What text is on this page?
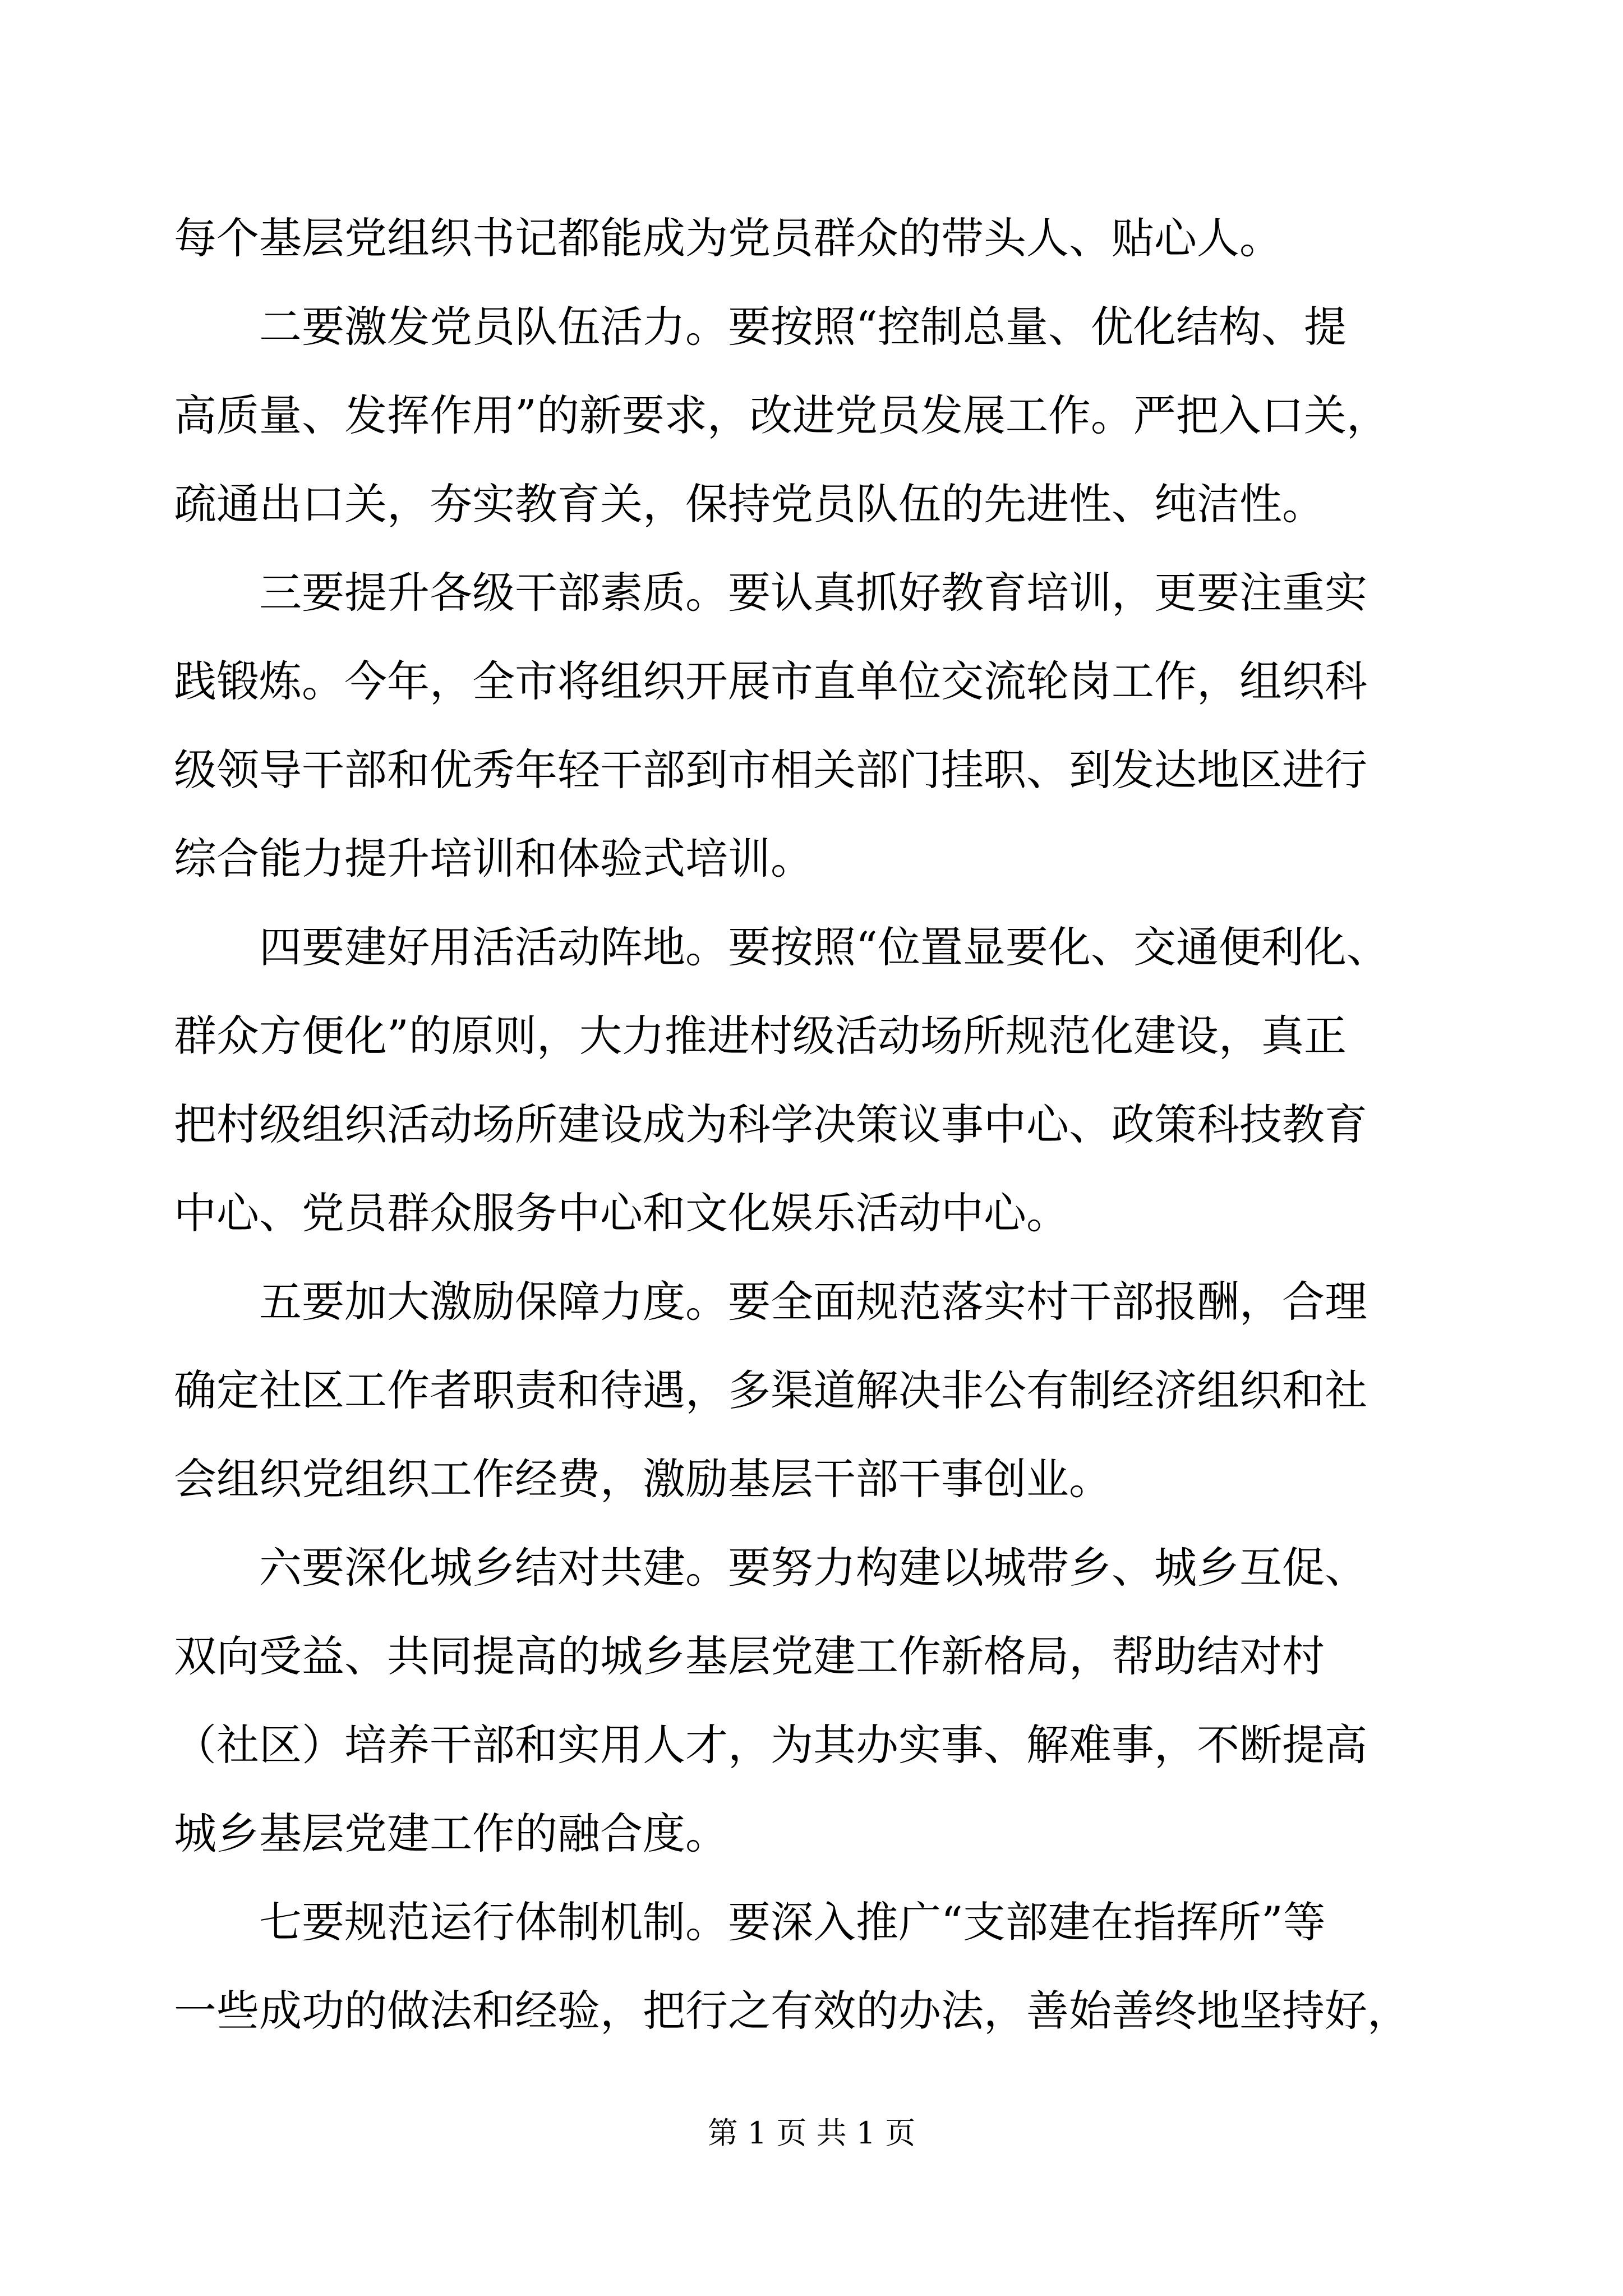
每个基层党组织书记都能成为党员群众的带头人、贴心人。
二要激发党员队伍活力。要按照“控制总量、优化结构、提
高质量、发挥作用”的新要求，改进党员发展工作。严把入口关，
疏通出口关，夯实教育关，保持党员队伍的先进性、纯洁性。
三要提升各级干部素质。要认真抓好教育培训，更要注重实
践锻炼。今年，全市将组织开展市直单位交流轮岗工作，组织科
级领导干部和优秀年轻干部到市相关部门挂职、到发达地区进行
综合能力提升培训和体验式培训。
四要建好用活活动阵地。要按照“位置显要化、交通便利化、
群众方便化”的原则，大力推进村级活动场所规范化建设，真正
把村级组织活动场所建设成为科学决策议事中心、政策科技教育
中心、党员群众服务中心和文化娱乐活动中心。
五要加大激励保障力度。要全面规范落实村干部报酬，合理
确定社区工作者职责和待遇，多渠道解决非公有制经济组织和社
会组织党组织工作经费，激励基层干部干事创业。
六要深化城乡结对共建。要努力构建以城带乡、城乡互促、
双向受益、共同提高的城乡基层党建工作新格局，帮助结对村
（社区）培养干部和实用人才，为其办实事、解难事，不断提高
城乡基层党建工作的融合度。
七要规范运行体制机制。要深入推广“支部建在指挥所”等
一些成功的做法和经验，把行之有效的办法，善始善终地坚持好，
第 1 页 共 1 页
